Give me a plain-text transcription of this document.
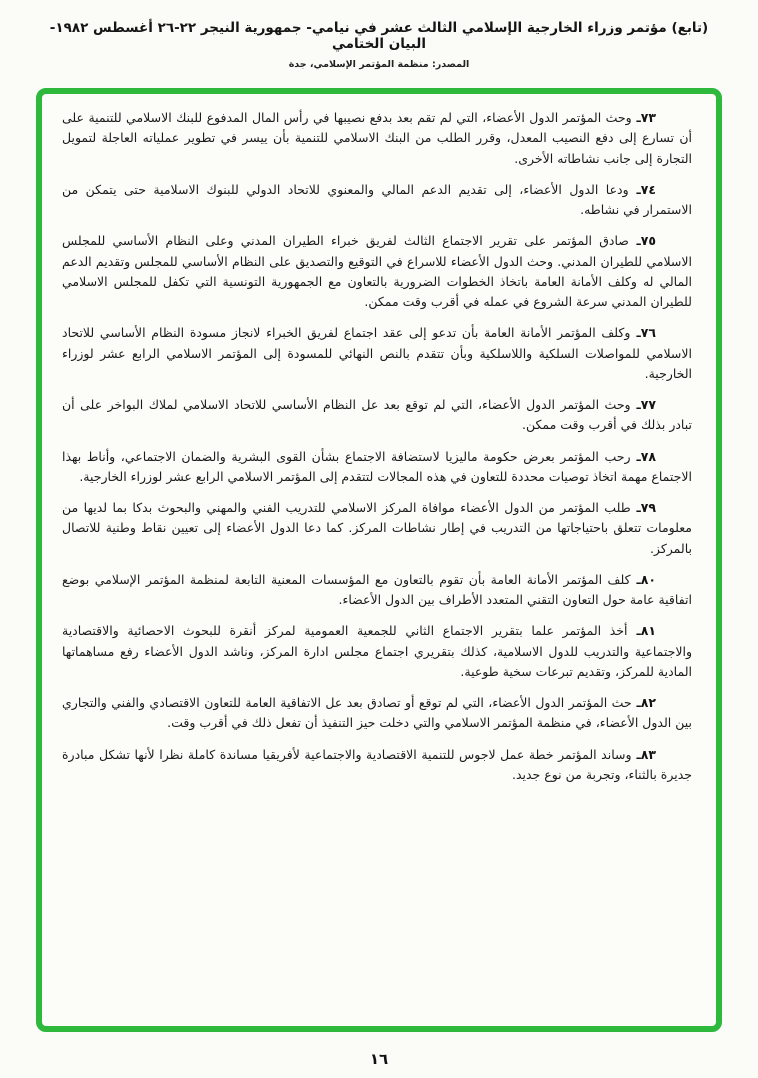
(تابع) مؤتمر وزراء الخارجية الإسلامي الثالث عشر في نيامي- جمهورية النيجر ٢٢-٢٦ أغسطس ١٩٨٢- البيان الختامي
المصدر: منظمة المؤتمر الإسلامي، جدة
٧٣ـ وحث المؤتمر الدول الأعضاء، التي لم تقم بعد بدفع نصيبها في رأس المال المدفوع للبنك الاسلامي للتنمية على أن تسارع إلى دفع النصيب المعدل، وقرر الطلب من البنك الاسلامي للتنمية بأن ييسر في تطوير عملياته العاجلة لتمويل التجارة إلى جانب نشاطاته الأخرى.
٧٤ـ ودعا الدول الأعضاء، إلى تقديم الدعم المالي والمعنوي للاتحاد الدولي للبنوك الاسلامية حتى يتمكن من الاستمرار في نشاطه.
٧٥ـ صادق المؤتمر على تقرير الاجتماع الثالث لفريق خبراء الطيران المدني وعلى النظام الأساسي للمجلس الاسلامي للطيران المدني. وحث الدول الأعضاء للاسراع في التوقيع والتصديق على النظام الأساسي للمجلس وتقديم الدعم المالي له وكلف الأمانة العامة باتخاذ الخطوات الضرورية بالتعاون مع الجمهورية التونسية التي تكفل للمجلس الاسلامي للطيران المدني سرعة الشروع في عمله في أقرب وقت ممكن.
٧٦ـ وكلف المؤتمر الأمانة العامة بأن تدعو إلى عقد اجتماع لفريق الخبراء لانجاز مسودة النظام الأساسي للاتحاد الاسلامي للمواصلات السلكية واللاسلكية وبأن تتقدم بالنص النهائي للمسودة إلى المؤتمر الاسلامي الرابع عشر لوزراء الخارجية.
٧٧ـ وحث المؤتمر الدول الأعضاء، التي لم توقع بعد عل النظام الأساسي للاتحاد الاسلامي لملاك البواخر على أن تبادر بذلك في أقرب وقت ممكن.
٧٨ـ رحب المؤتمر بعرض حكومة ماليزيا لاستضافة الاجتماع بشأن القوى البشرية والضمان الاجتماعي، وأناط بهذا الاجتماع مهمة اتخاذ توصيات محددة للتعاون في هذه المجالات لتتقدم إلى المؤتمر الاسلامي الرابع عشر لوزراء الخارجية.
٧٩ـ طلب المؤتمر من الدول الأعضاء موافاة المركز الاسلامي للتدريب الفني والمهني والبحوث بدكا بما لديها من معلومات تتعلق باحتياجاتها من التدريب في إطار نشاطات المركز. كما دعا الدول الأعضاء إلى تعيين نقاط وطنية للاتصال بالمركز.
٨٠ـ كلف المؤتمر الأمانة العامة بأن تقوم بالتعاون مع المؤسسات المعنية التابعة لمنظمة المؤتمر الإسلامي بوضع اتفاقية عامة حول التعاون التقني المتعدد الأطراف بين الدول الأعضاء.
٨١ـ أخذ المؤتمر علما بتقرير الاجتماع الثاني للجمعية العمومية لمركز أنقرة للبحوث الاحصائية والاقتصادية والاجتماعية والتدريب للدول الاسلامية، كذلك بتقريري اجتماع مجلس ادارة المركز، وناشد الدول الأعضاء رفع مساهماتها المادية للمركز، وتقديم تبرعات سخية طوعية.
٨٢ـ حث المؤتمر الدول الأعضاء، التي لم توقع أو تصادق بعد عل الاتفاقية العامة للتعاون الاقتصادي والفني والتجاري بين الدول الأعضاء، في منظمة المؤتمر الاسلامي والتي دخلت حيز التنفيذ أن تفعل ذلك في أقرب وقت.
٨٣ـ وساند المؤتمر خطة عمل لاجوس للتنمية الاقتصادية والاجتماعية لأفريقيا مساندة كاملة نظرا لأنها تشكل مبادرة جديرة بالثناء، وتجربة من نوع جديد.
١٦
